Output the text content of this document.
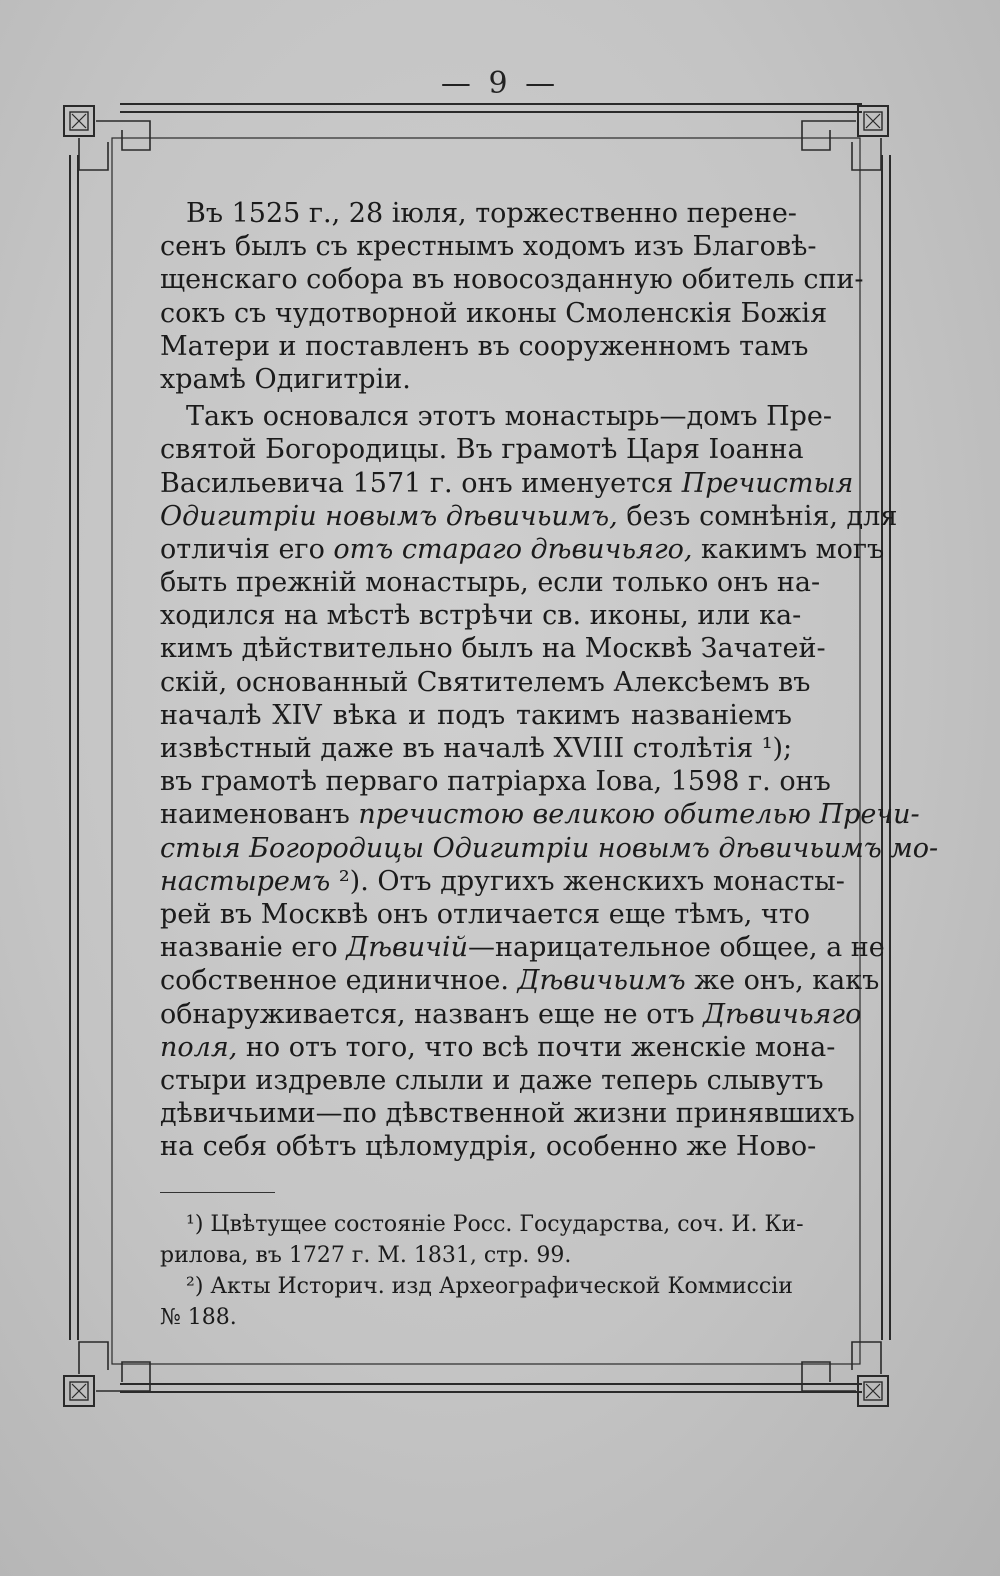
— 9 —
Въ 1525 г., 28 іюля, торжественно перене-
сенъ былъ съ крестнымъ ходомъ изъ Благовѣ-
щенскаго собора въ новосозданную обитель спи-
сокъ съ чудотворной иконы Смоленскія Божія
Матери и поставленъ въ сооруженномъ тамъ
храмѣ Одигитріи.
Такъ основался этотъ монастырь—домъ Пре-
святой Богородицы. Въ грамотѣ Царя Іоанна
Васильевича 1571 г. онъ именуется Пречистыя
Одигитріи новымъ дѣвичьимъ, безъ сомнѣнія, для
отличія его отъ стараго дѣвичьяго, какимъ могъ
быть прежній монастырь, если только онъ на-
ходился на мѣстѣ встрѣчи св. иконы, или ка-
кимъ дѣйствительно былъ на Москвѣ Зачатей-
скій, основанный Святителемъ Алексѣемъ въ
началѣ XIV вѣка и подъ такимъ названіемъ
извѣстный даже въ началѣ XVIII столѣтія ¹);
въ грамотѣ перваго патріарха Іова, 1598 г. онъ
наименованъ пречистою великою обителью Пречи-
стыя Богородицы Одигитріи новымъ дѣвичьимъ мо-
настыремъ ²). Отъ другихъ женскихъ монасты-
рей въ Москвѣ онъ отличается еще тѣмъ, что
названіе его Дѣвичій—нарицательное общее, а не
собственное единичное. Дѣвичьимъ же онъ, какъ
обнаруживается, названъ еще не отъ Дѣвичьяго
поля, но отъ того, что всѣ почти женскіе мона-
стыри издревле слыли и даже теперь слывутъ
дѣвичьими—по дѣвственной жизни принявшихъ
на себя обѣтъ цѣломудрія, особенно же Ново-
¹) Цвѣтущее состояніе Росс. Государства, соч. И. Ки-
рилова, въ 1727 г. М. 1831, стр. 99.
²) Акты Историч. изд Археографической Коммиссіи
№ 188.
